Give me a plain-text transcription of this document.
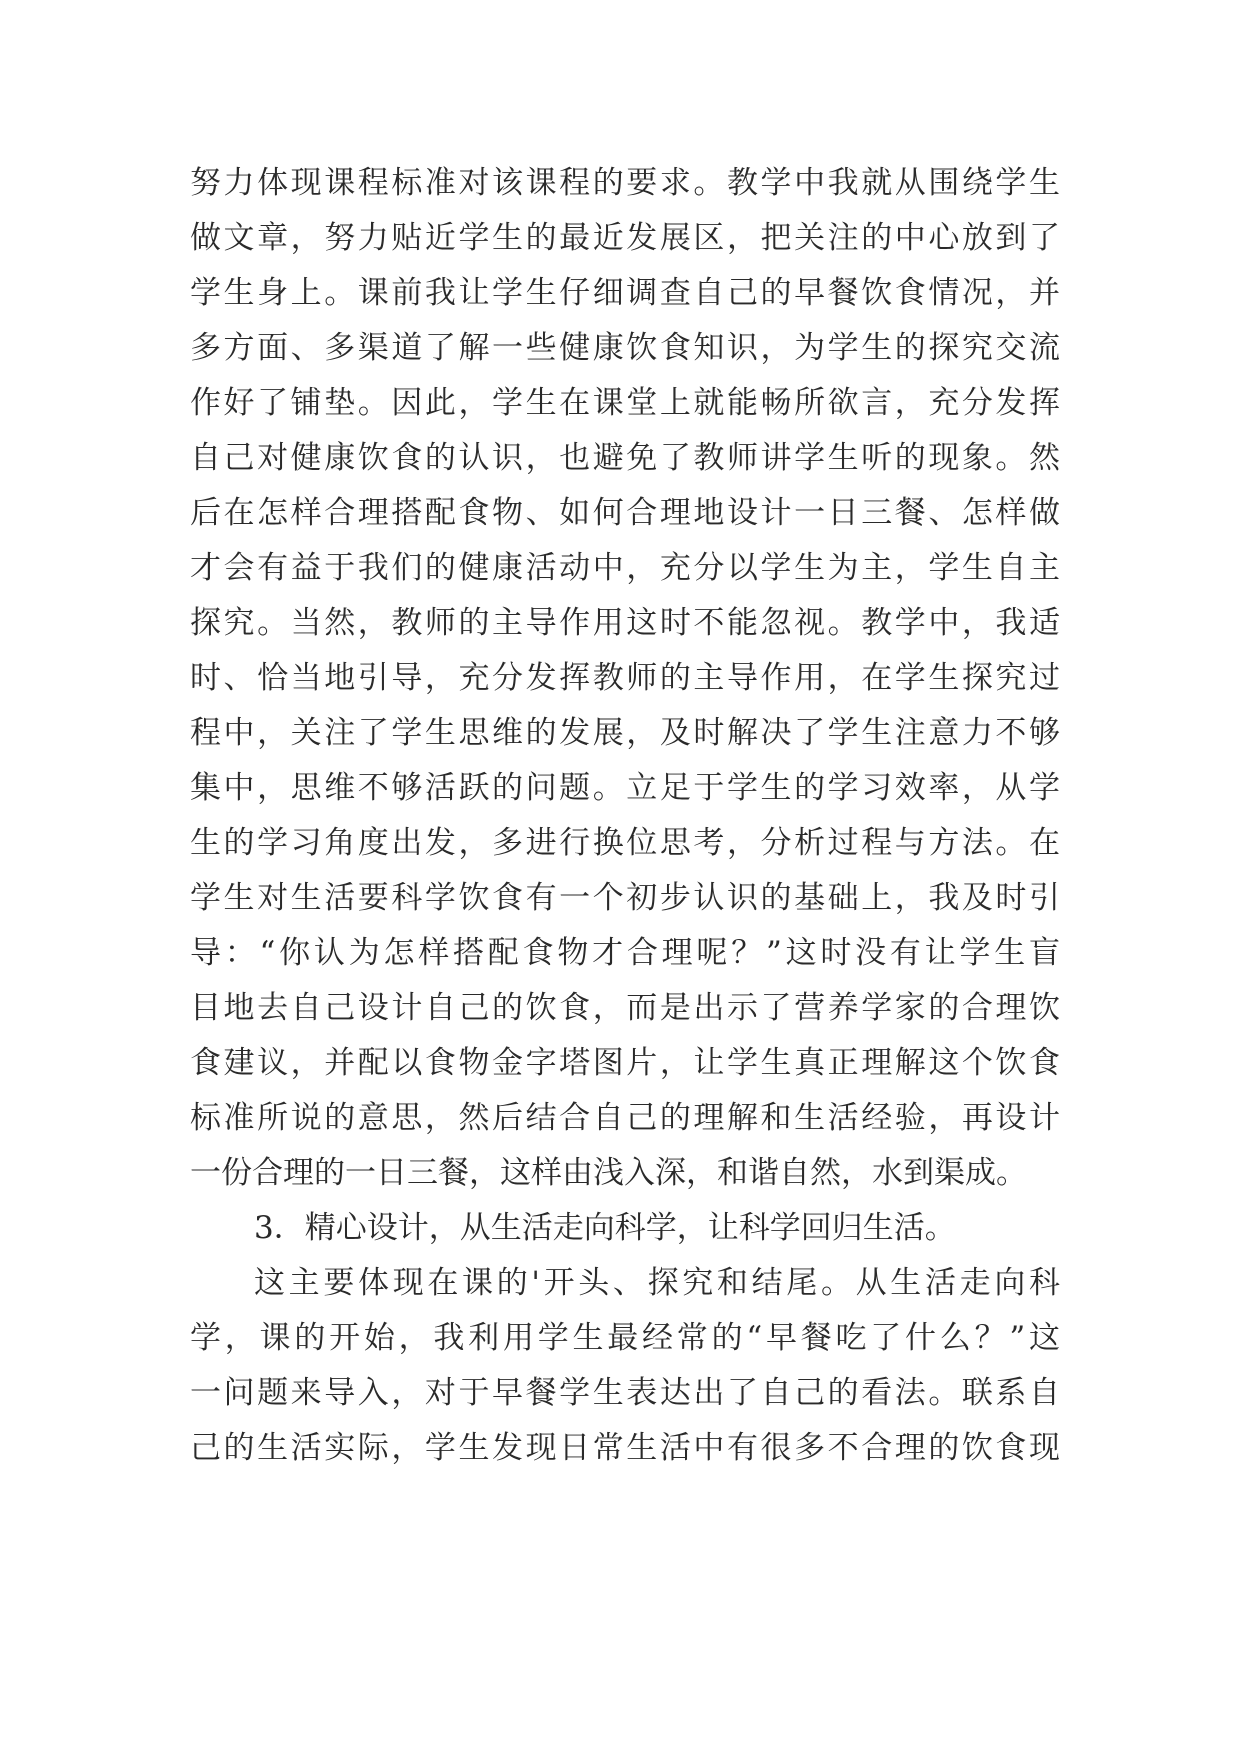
努力体现课程标准对该课程的要求。教学中我就从围绕学生
做文章，努力贴近学生的最近发展区，把关注的中心放到了
学生身上。课前我让学生仔细调查自己的早餐饮食情况，并
多方面、多渠道了解一些健康饮食知识，为学生的探究交流
作好了铺垫。因此，学生在课堂上就能畅所欲言，充分发挥
自己对健康饮食的认识，也避免了教师讲学生听的现象。然
后在怎样合理搭配食物、如何合理地设计一日三餐、怎样做
才会有益于我们的健康活动中，充分以学生为主，学生自主
探究。当然，教师的主导作用这时不能忽视。教学中，我适
时、恰当地引导，充分发挥教师的主导作用，在学生探究过
程中，关注了学生思维的发展，及时解决了学生注意力不够
集中，思维不够活跃的问题。立足于学生的学习效率，从学
生的学习角度出发，多进行换位思考，分析过程与方法。在
学生对生活要科学饮食有一个初步认识的基础上，我及时引
导：“你认为怎样搭配食物才合理呢？”这时没有让学生盲
目地去自己设计自己的饮食，而是出示了营养学家的合理饮
食建议，并配以食物金字塔图片，让学生真正理解这个饮食
标准所说的意思，然后结合自己的理解和生活经验，再设计
一份合理的一日三餐，这样由浅入深，和谐自然，水到渠成。
3．精心设计，从生活走向科学，让科学回归生活。
这主要体现在课的'开头、探究和结尾。从生活走向科
学，课的开始，我利用学生最经常的“早餐吃了什么？”这
一问题来导入，对于早餐学生表达出了自己的看法。联系自
己的生活实际，学生发现日常生活中有很多不合理的饮食现
